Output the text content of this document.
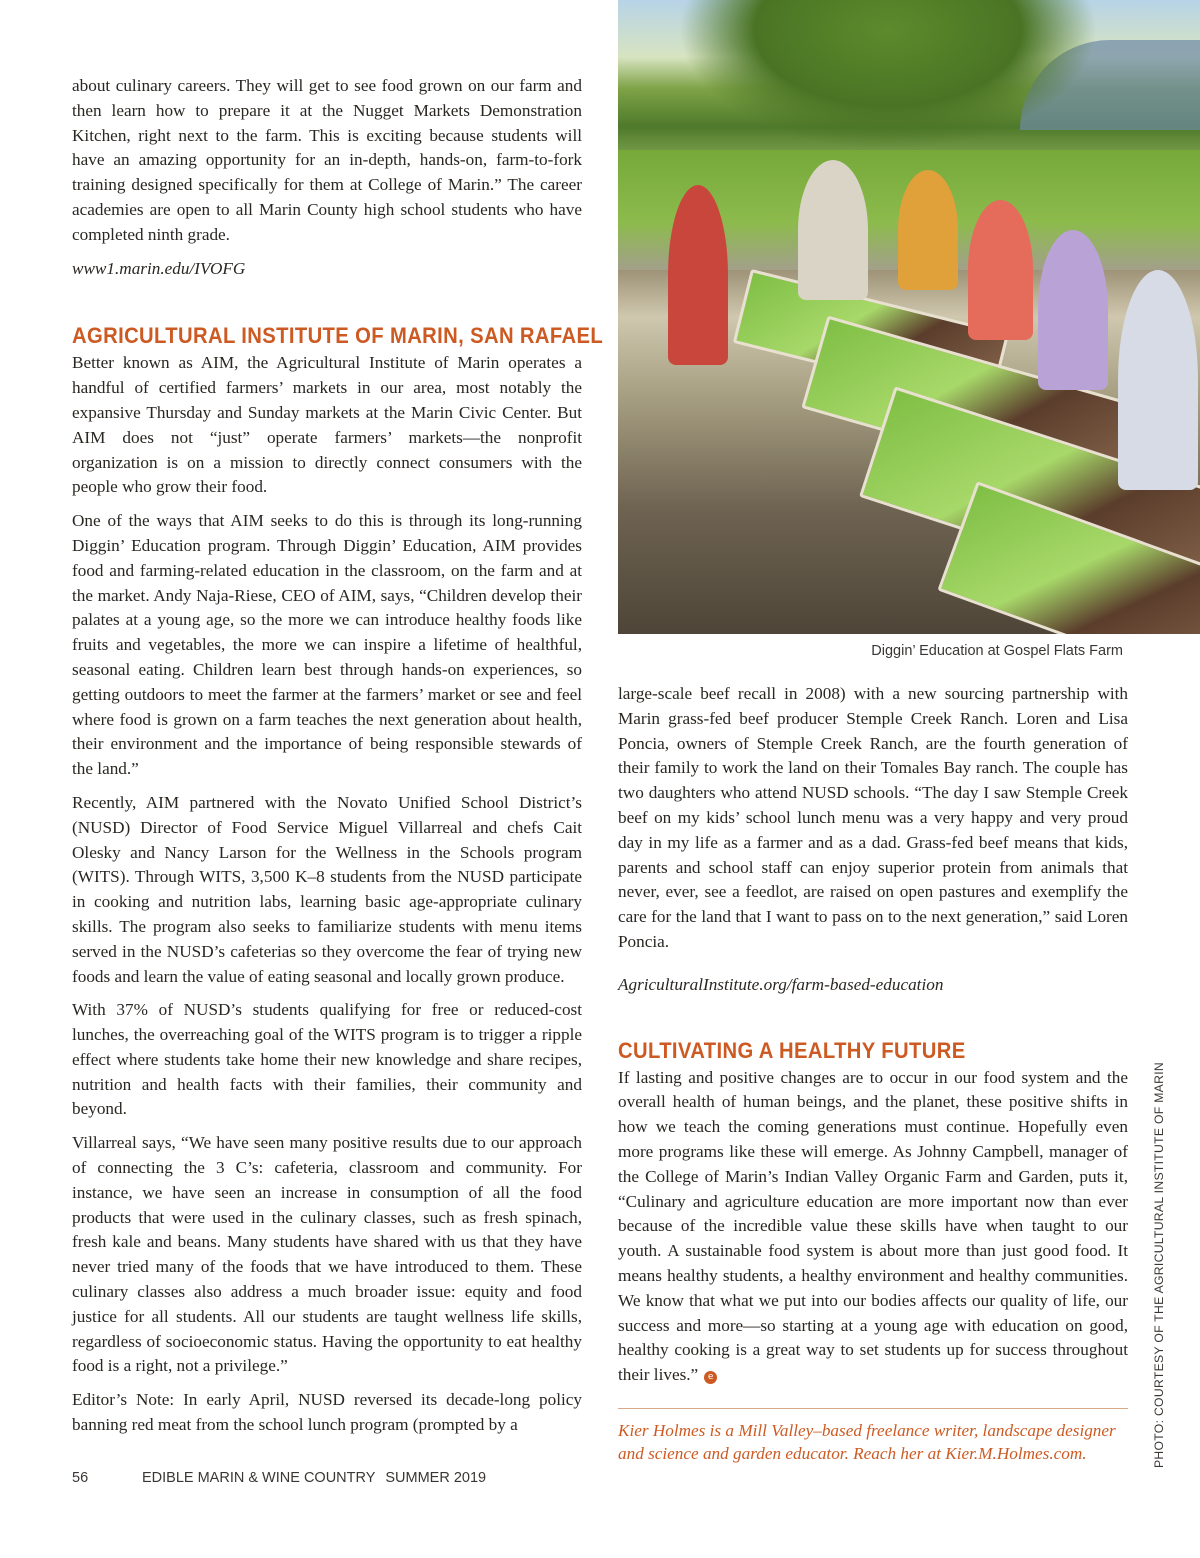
about culinary careers. They will get to see food grown on our farm and then learn how to prepare it at the Nugget Markets Demonstration Kitchen, right next to the farm. This is exciting because students will have an amazing opportunity for an in-depth, hands-on, farm-to-fork training designed specifically for them at College of Marin.” The career academies are open to all Marin County high school students who have completed ninth grade.

www1.marin.edu/IVOFG

AGRICULTURAL INSTITUTE OF MARIN, SAN RAFAEL

Better known as AIM, the Agricultural Institute of Marin operates a handful of certified farmers’ markets in our area, most notably the expansive Thursday and Sunday markets at the Marin Civic Center. But AIM does not “just” operate farmers’ markets—the nonprofit organization is on a mission to directly connect consumers with the people who grow their food.

One of the ways that AIM seeks to do this is through its long-running Diggin’ Education program. Through Diggin’ Education, AIM provides food and farming-related education in the classroom, on the farm and at the market. Andy Naja-Riese, CEO of AIM, says, “Children develop their palates at a young age, so the more we can introduce healthy foods like fruits and vegetables, the more we can inspire a lifetime of healthful, seasonal eating. Children learn best through hands-on experiences, so getting outdoors to meet the farmer at the farmers’ market or see and feel where food is grown on a farm teaches the next generation about health, their environment and the importance of being responsible stewards of the land.”

Recently, AIM partnered with the Novato Unified School District’s (NUSD) Director of Food Service Miguel Villarreal and chefs Cait Olesky and Nancy Larson for the Wellness in the Schools program (WITS). Through WITS, 3,500 K–8 students from the NUSD participate in cooking and nutrition labs, learning basic age-appropriate culinary skills. The program also seeks to familiarize students with menu items served in the NUSD’s cafeterias so they overcome the fear of trying new foods and learn the value of eating seasonal and locally grown produce.

With 37% of NUSD’s students qualifying for free or reduced-cost lunches, the overreaching goal of the WITS program is to trigger a ripple effect where students take home their new knowledge and share recipes, nutrition and health facts with their families, their community and beyond.

Villarreal says, “We have seen many positive results due to our approach of connecting the 3 C’s: cafeteria, classroom and community. For instance, we have seen an increase in consumption of all the food products that were used in the culinary classes, such as fresh spinach, fresh kale and beans. Many students have shared with us that they have never tried many of the foods that we have introduced to them. These culinary classes also address a much broader issue: equity and food justice for all students. All our students are taught wellness life skills, regardless of socioeconomic status. Having the opportunity to eat healthy food is a right, not a privilege.”

Editor’s Note: In early April, NUSD reversed its decade-long policy banning red meat from the school lunch program (prompted by a

Diggin’ Education at Gospel Flats Farm

large-scale beef recall in 2008) with a new sourcing partnership with Marin grass-fed beef producer Stemple Creek Ranch. Loren and Lisa Poncia, owners of Stemple Creek Ranch, are the fourth generation of their family to work the land on their Tomales Bay ranch. The couple has two daughters who attend NUSD schools. “The day I saw Stemple Creek beef on my kids’ school lunch menu was a very happy and very proud day in my life as a farmer and as a dad. Grass-fed beef means that kids, parents and school staff can enjoy superior protein from animals that never, ever, see a feedlot, are raised on open pastures and exemplify the care for the land that I want to pass on to the next generation,” said Loren Poncia.

AgriculturalInstitute.org/farm-based-education

CULTIVATING A HEALTHY FUTURE

If lasting and positive changes are to occur in our food system and the overall health of human beings, and the planet, these positive shifts in how we teach the coming generations must continue. Hopefully even more programs like these will emerge. As Johnny Campbell, manager of the College of Marin’s Indian Valley Organic Farm and Garden, puts it, “Culinary and agriculture education are more important now than ever because of the incredible value these skills have when taught to our youth. A sustainable food system is about more than just good food. It means healthy students, a healthy environment and healthy communities. We know that what we put into our bodies affects our quality of life, our success and more—so starting at a young age with education on good, healthy cooking is a great way to set students up for success throughout their lives.” e

Kier Holmes is a Mill Valley–based freelance writer, landscape designer and science and garden educator. Reach her at Kier.M.Holmes.com.	PHOTO: COURTESY OF THE AGRICULTURAL INSTITUTE OF MARIN
56	EDIBLE MARIN & WINE COUNTRY SUMMER 2019
